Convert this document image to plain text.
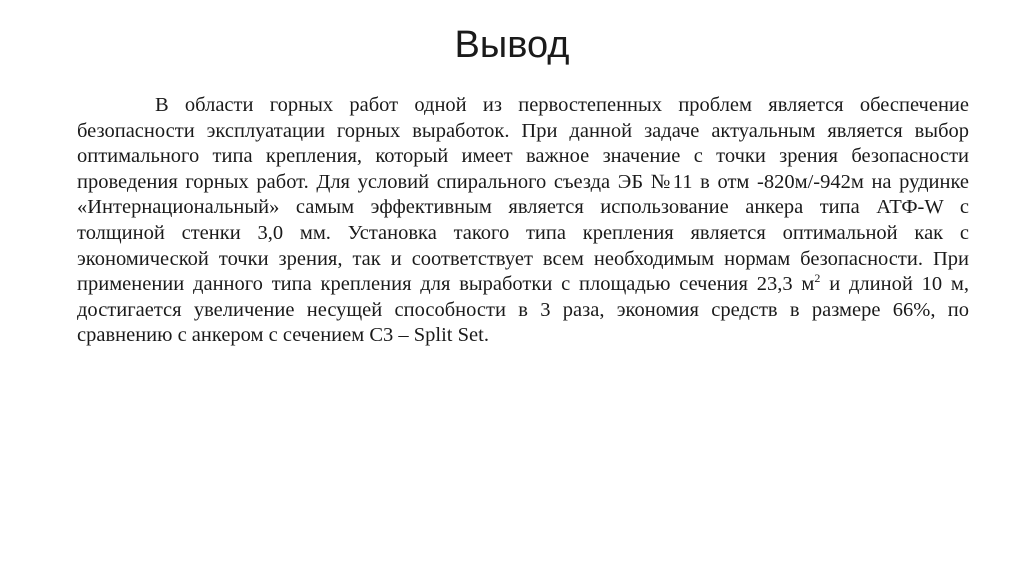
Вывод

В области горных работ одной из первостепенных проблем является обеспечение безопасности эксплуатации горных выработок. При данной задаче актуальным является выбор оптимального типа крепления, который имеет важное значение с точки зрения безопасности проведения горных работ. Для условий спирального съезда ЭБ №11 в отм -820м/-942м на рудинке «Интернациональный» самым эффективным является использование анкера типа АТФ-W с толщиной стенки 3,0 мм. Установка такого типа крепления является оптимальной как с экономической точки зрения, так и соответствует всем необходимым нормам безопасности. При применении данного типа крепления для выработки с площадью сечения 23,3 $м^2$ и длиной 10 м, достигается увеличение несущей способности в 3 раза, экономия средств в размере 66%, по сравнению с анкером с сечением С3 – Split Set.
